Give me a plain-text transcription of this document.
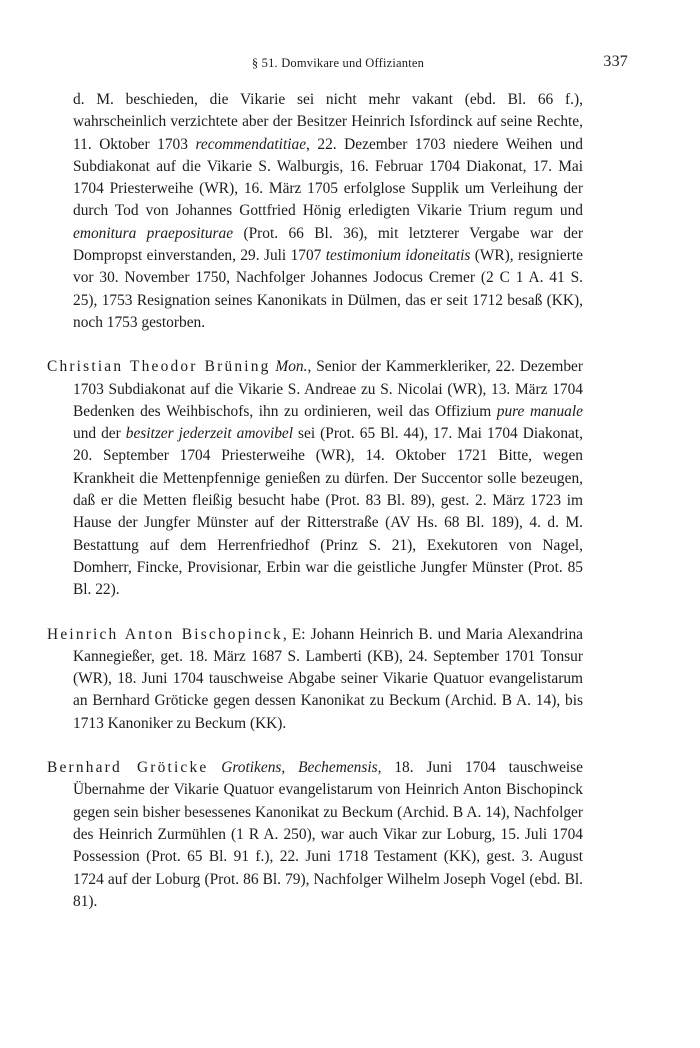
§ 51. Domvikare und Offizianten	337

d. M. beschieden, die Vikarie sei nicht mehr vakant (ebd. Bl. 66 f.), wahrscheinlich verzichtete aber der Besitzer Heinrich Isfordinck auf seine Rechte, 11. Oktober 1703 recommendatitiae, 22. Dezember 1703 niedere Weihen und Subdiakonat auf die Vikarie S. Walburgis, 16. Februar 1704 Diakonat, 17. Mai 1704 Priesterweihe (WR), 16. März 1705 erfolglose Supplik um Verleihung der durch Tod von Johannes Gottfried Hönig erledigten Vikarie Trium regum und emonitura praepositurae (Prot. 66 Bl. 36), mit letzterer Vergabe war der Dompropst einverstanden, 29. Juli 1707 testimonium idoneitatis (WR), resignierte vor 30. November 1750, Nachfolger Johannes Jodocus Cremer (2 C 1 A. 41 S. 25), 1753 Resignation seines Kanonikats in Dülmen, das er seit 1712 besaß (KK), noch 1753 gestorben.

Christian Theodor Brüning Mon., Senior der Kammerkleriker, 22. Dezember 1703 Subdiakonat auf die Vikarie S. Andreae zu S. Nicolai (WR), 13. März 1704 Bedenken des Weihbischofs, ihn zu ordinieren, weil das Offizium pure manuale und der besitzer jederzeit amovibel sei (Prot. 65 Bl. 44), 17. Mai 1704 Diakonat, 20. September 1704 Priesterweihe (WR), 14. Oktober 1721 Bitte, wegen Krankheit die Mettenpfennige genießen zu dürfen. Der Succentor solle bezeugen, daß er die Metten fleißig besucht habe (Prot. 83 Bl. 89), gest. 2. März 1723 im Hause der Jungfer Münster auf der Ritterstraße (AV Hs. 68 Bl. 189), 4. d. M. Bestattung auf dem Herrenfriedhof (Prinz S. 21), Exekutoren von Nagel, Domherr, Fincke, Provisionar, Erbin war die geistliche Jungfer Münster (Prot. 85 Bl. 22).

Heinrich Anton Bischopinck, E: Johann Heinrich B. und Maria Alexandrina Kannegießer, get. 18. März 1687 S. Lamberti (KB), 24. September 1701 Tonsur (WR), 18. Juni 1704 tauschweise Abgabe seiner Vikarie Quatuor evangelistarum an Bernhard Gröticke gegen dessen Kanonikat zu Beckum (Archid. B A. 14), bis 1713 Kanoniker zu Beckum (KK).

Bernhard Gröticke Grotikens, Bechemensis, 18. Juni 1704 tauschweise Übernahme der Vikarie Quatuor evangelistarum von Heinrich Anton Bischopinck gegen sein bisher besessenes Kanonikat zu Beckum (Archid. B A. 14), Nachfolger des Heinrich Zurmühlen (1 R A. 250), war auch Vikar zur Loburg, 15. Juli 1704 Possession (Prot. 65 Bl. 91 f.), 22. Juni 1718 Testament (KK), gest. 3. August 1724 auf der Loburg (Prot. 86 Bl. 79), Nachfolger Wilhelm Joseph Vogel (ebd. Bl. 81).
